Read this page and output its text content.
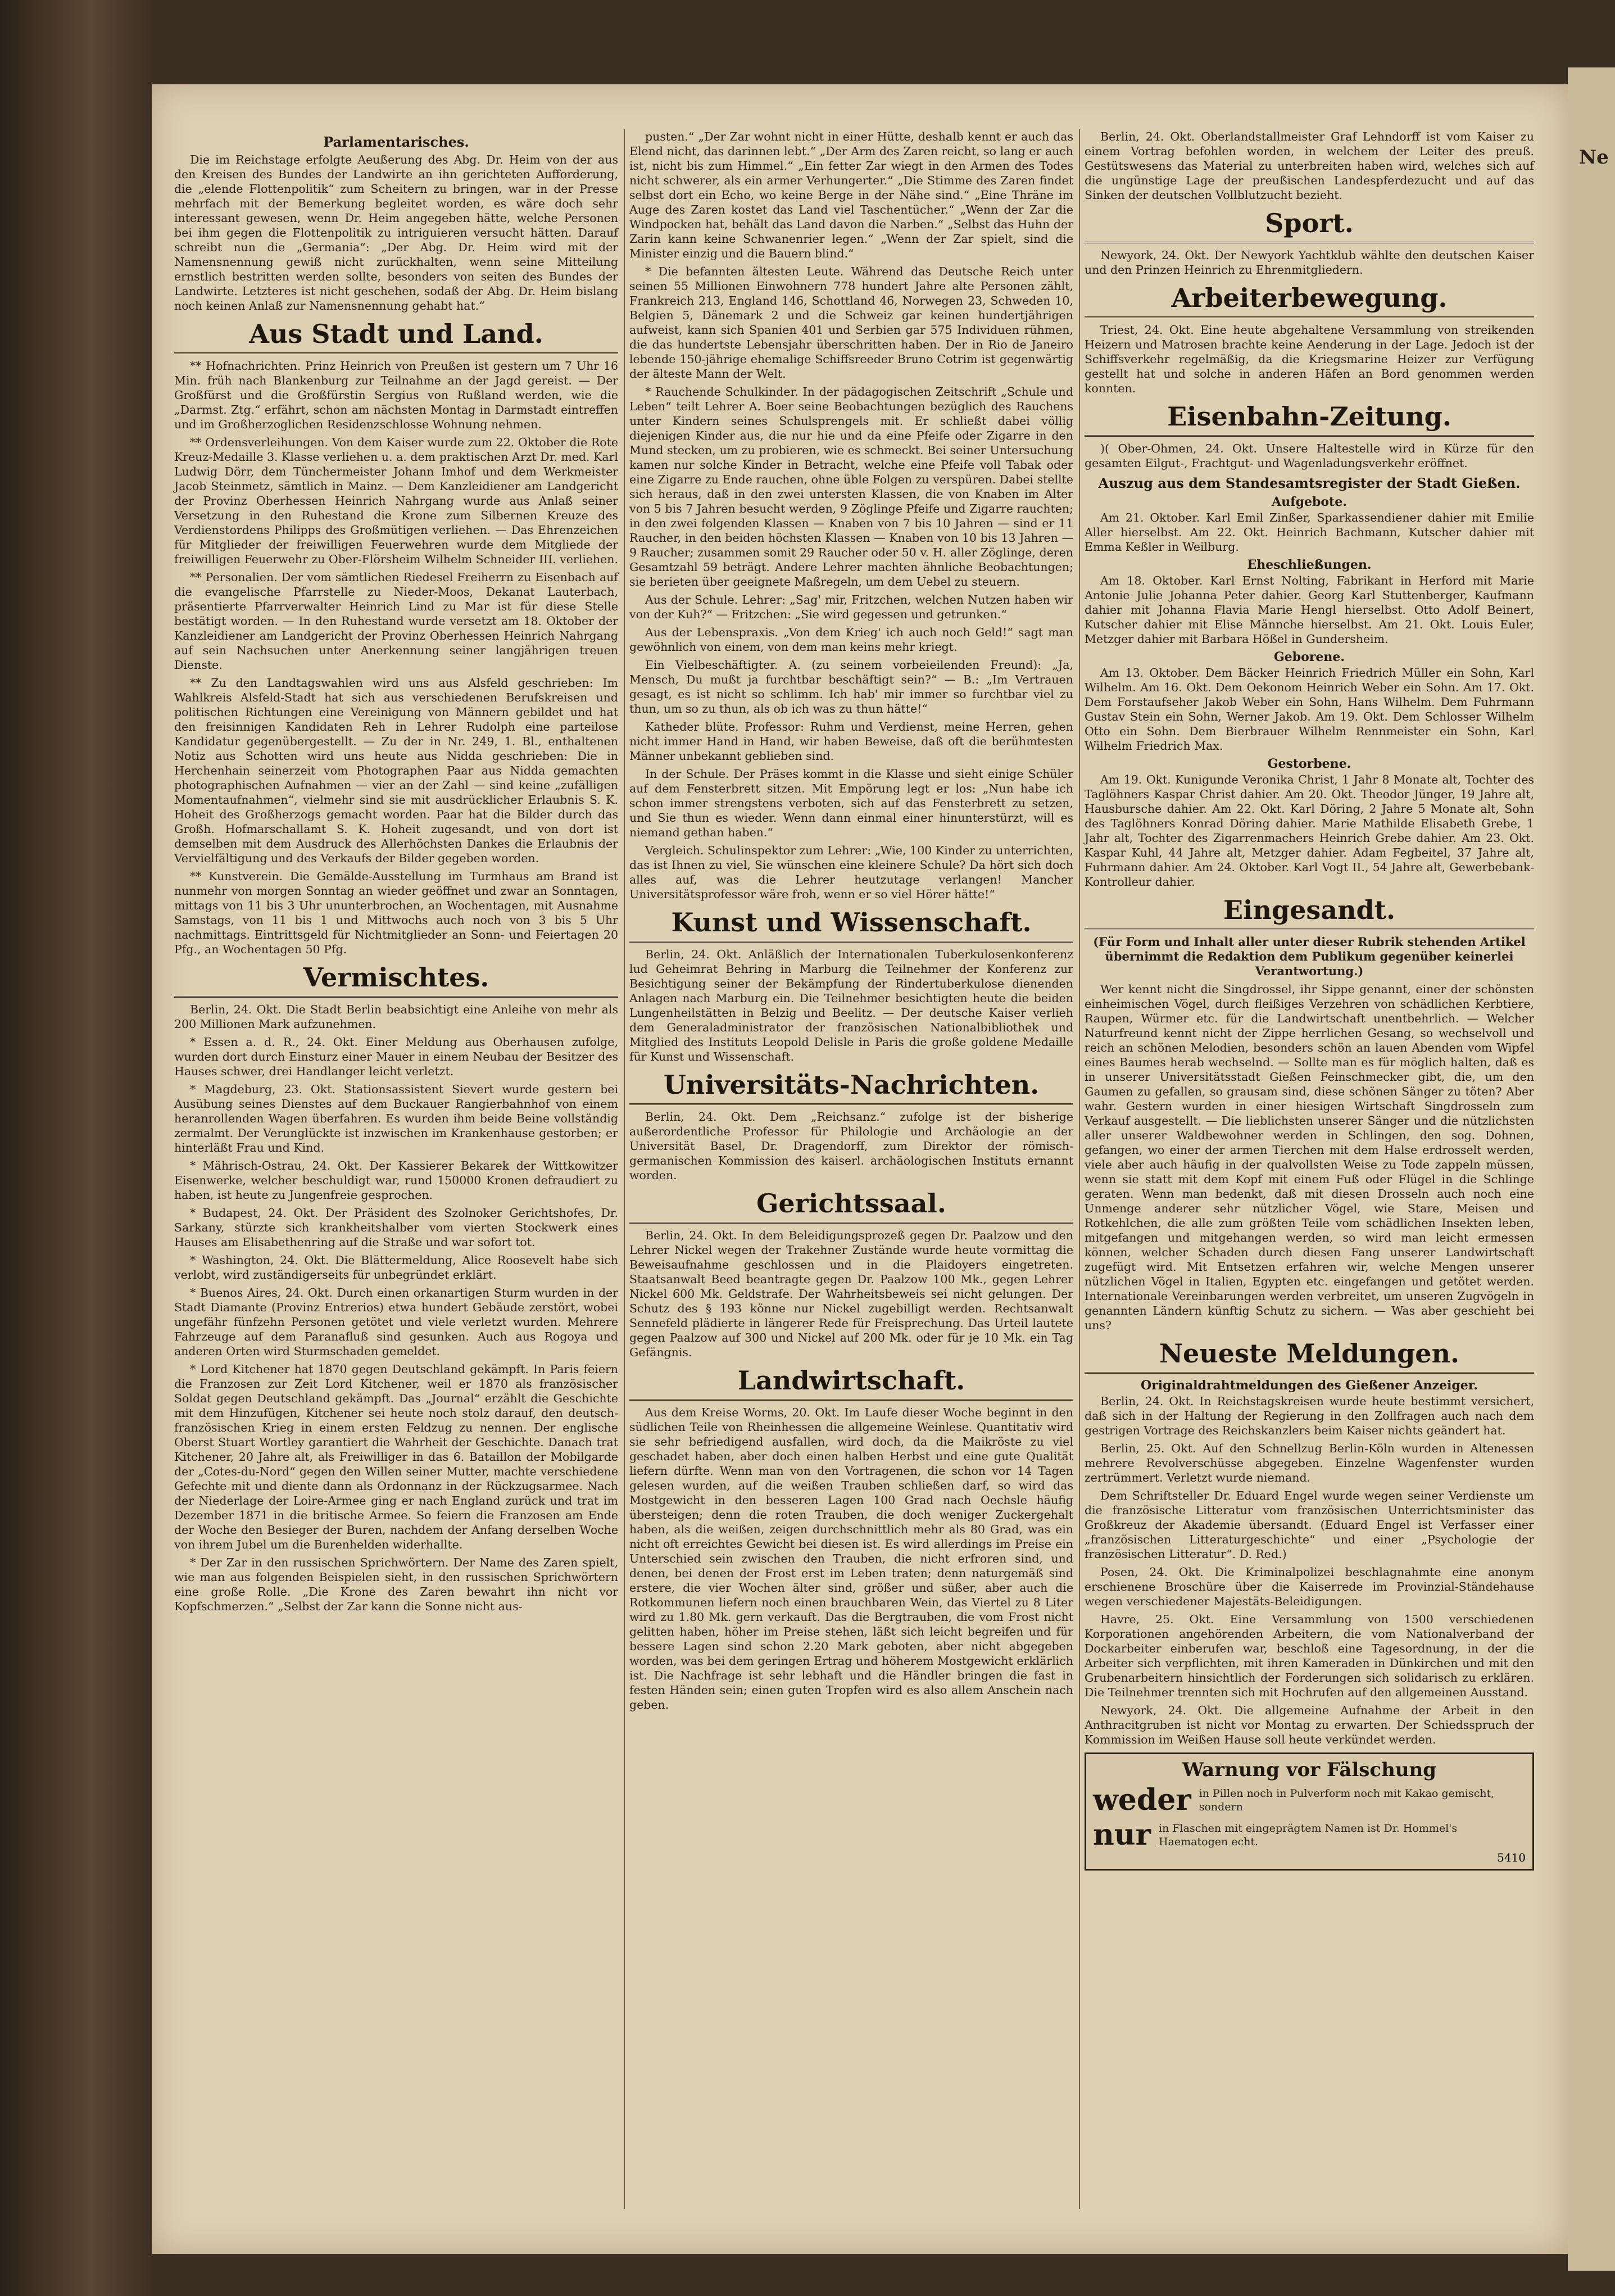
Parlamentarisches.

Die im Reichstage erfolgte Aeußerung des Abg. Dr. Heim von der aus den Kreisen des Bundes der Landwirte an ihn gerichteten Aufforderung, die „elende Flottenpolitik“ zum Scheitern zu bringen, war in der Presse mehrfach mit der Bemerkung begleitet worden, es wäre doch sehr interessant gewesen, wenn Dr. Heim angegeben hätte, welche Personen bei ihm gegen die Flottenpolitik zu intriguieren versucht hätten. Darauf schreibt nun die „Germania“: „Der Abg. Dr. Heim wird mit der Namensnennung gewiß nicht zurückhalten, wenn seine Mitteilung ernstlich bestritten werden sollte, besonders von seiten des Bundes der Landwirte. Letzteres ist nicht geschehen, sodaß der Abg. Dr. Heim bislang noch keinen Anlaß zur Namensnennung gehabt hat.“

Aus Stadt und Land.

** Hofnachrichten. Prinz Heinrich von Preußen ist gestern um 7 Uhr 16 Min. früh nach Blankenburg zur Teilnahme an der Jagd gereist. — Der Großfürst und die Großfürstin Sergius von Rußland werden, wie die „Darmst. Ztg.“ erfährt, schon am nächsten Montag in Darmstadt eintreffen und im Großherzoglichen Residenzschlosse Wohnung nehmen.

** Ordensverleihungen. Von dem Kaiser wurde zum 22. Oktober die Rote Kreuz-Medaille 3. Klasse verliehen u. a. dem praktischen Arzt Dr. med. Karl Ludwig Dörr, dem Tünchermeister Johann Imhof und dem Werkmeister Jacob Steinmetz, sämtlich in Mainz. — Dem Kanzleidiener am Landgericht der Provinz Oberhessen Heinrich Nahrgang wurde aus Anlaß seiner Versetzung in den Ruhestand die Krone zum Silbernen Kreuze des Verdienstordens Philipps des Großmütigen verliehen. — Das Ehrenzeichen für Mitglieder der freiwilligen Feuerwehren wurde dem Mitgliede der freiwilligen Feuerwehr zu Ober-Flörsheim Wilhelm Schneider III. verliehen.

** Personalien. Der vom sämtlichen Riedesel Freiherrn zu Eisenbach auf die evangelische Pfarrstelle zu Nieder-Moos, Dekanat Lauterbach, präsentierte Pfarrverwalter Heinrich Lind zu Mar ist für diese Stelle bestätigt worden. — In den Ruhestand wurde versetzt am 18. Oktober der Kanzleidiener am Landgericht der Provinz Oberhessen Heinrich Nahrgang auf sein Nachsuchen unter Anerkennung seiner langjährigen treuen Dienste.

** Zu den Landtagswahlen wird uns aus Alsfeld geschrieben: Im Wahlkreis Alsfeld-Stadt hat sich aus verschiedenen Berufskreisen und politischen Richtungen eine Vereinigung von Männern gebildet und hat den freisinnigen Kandidaten Reh in Lehrer Rudolph eine parteilose Kandidatur gegenübergestellt. — Zu der in Nr. 249, 1. Bl., enthaltenen Notiz aus Schotten wird uns heute aus Nidda geschrieben: Die in Herchenhain seinerzeit vom Photographen Paar aus Nidda gemachten photographischen Aufnahmen — vier an der Zahl — sind keine „zufälligen Momentaufnahmen“, vielmehr sind sie mit ausdrücklicher Erlaubnis S. K. Hoheit des Großherzogs gemacht worden. Paar hat die Bilder durch das Großh. Hofmarschallamt S. K. Hoheit zugesandt, und von dort ist demselben mit dem Ausdruck des Allerhöchsten Dankes die Erlaubnis der Vervielfältigung und des Verkaufs der Bilder gegeben worden.

** Kunstverein. Die Gemälde-Ausstellung im Turmhaus am Brand ist nunmehr von morgen Sonntag an wieder geöffnet und zwar an Sonntagen, mittags von 11 bis 3 Uhr ununterbrochen, an Wochentagen, mit Ausnahme Samstags, von 11 bis 1 und Mittwochs auch noch von 3 bis 5 Uhr nachmittags. Eintrittsgeld für Nichtmitglieder an Sonn- und Feiertagen 20 Pfg., an Wochentagen 50 Pfg.

Vermischtes.

Berlin, 24. Okt. Die Stadt Berlin beabsichtigt eine Anleihe von mehr als 200 Millionen Mark aufzunehmen.

* Essen a. d. R., 24. Okt. Einer Meldung aus Oberhausen zufolge, wurden dort durch Einsturz einer Mauer in einem Neubau der Besitzer des Hauses schwer, drei Handlanger leicht verletzt.

* Magdeburg, 23. Okt. Stationsassistent Sievert wurde gestern bei Ausübung seines Dienstes auf dem Buckauer Rangierbahnhof von einem heranrollenden Wagen überfahren. Es wurden ihm beide Beine vollständig zermalmt. Der Verunglückte ist inzwischen im Krankenhause gestorben; er hinterläßt Frau und Kind.

* Mährisch-Ostrau, 24. Okt. Der Kassierer Bekarek der Wittkowitzer Eisenwerke, welcher beschuldigt war, rund 150000 Kronen defraudiert zu haben, ist heute zu Jungenfreie gesprochen.

* Budapest, 24. Okt. Der Präsident des Szolnoker Gerichtshofes, Dr. Sarkany, stürzte sich krankheitshalber vom vierten Stockwerk eines Hauses am Elisabethenring auf die Straße und war sofort tot.

* Washington, 24. Okt. Die Blättermeldung, Alice Roosevelt habe sich verlobt, wird zuständigerseits für unbegründet erklärt.

* Buenos Aires, 24. Okt. Durch einen orkanartigen Sturm wurden in der Stadt Diamante (Provinz Entrerios) etwa hundert Gebäude zerstört, wobei ungefähr fünfzehn Personen getötet und viele verletzt wurden. Mehrere Fahrzeuge auf dem Paranafluß sind gesunken. Auch aus Rogoya und anderen Orten wird Sturmschaden gemeldet.

* Lord Kitchener hat 1870 gegen Deutschland gekämpft. In Paris feiern die Franzosen zur Zeit Lord Kitchener, weil er 1870 als französischer Soldat gegen Deutschland gekämpft. Das „Journal“ erzählt die Geschichte mit dem Hinzufügen, Kitchener sei heute noch stolz darauf, den deutsch-französischen Krieg in einem ersten Feldzug zu nennen. Der englische Oberst Stuart Wortley garantiert die Wahrheit der Geschichte. Danach trat Kitchener, 20 Jahre alt, als Freiwilliger in das 6. Bataillon der Mobilgarde der „Cotes-du-Nord“ gegen den Willen seiner Mutter, machte verschiedene Gefechte mit und diente dann als Ordonnanz in der Rückzugsarmee. Nach der Niederlage der Loire-Armee ging er nach England zurück und trat im Dezember 1871 in die britische Armee. So feiern die Franzosen am Ende der Woche den Besieger der Buren, nachdem der Anfang derselben Woche von ihrem Jubel um die Burenhelden widerhallte.

* Der Zar in den russischen Sprichwörtern. Der Name des Zaren spielt, wie man aus folgenden Beispielen sieht, in den russischen Sprichwörtern eine große Rolle. „Die Krone des Zaren bewahrt ihn nicht vor Kopfschmerzen.“ „Selbst der Zar kann die Sonne nicht aus-

pusten.“ „Der Zar wohnt nicht in einer Hütte, deshalb kennt er auch das Elend nicht, das darinnen lebt.“ „Der Arm des Zaren reicht, so lang er auch ist, nicht bis zum Himmel.“ „Ein fetter Zar wiegt in den Armen des Todes nicht schwerer, als ein armer Verhungerter.“ „Die Stimme des Zaren findet selbst dort ein Echo, wo keine Berge in der Nähe sind.“ „Eine Thräne im Auge des Zaren kostet das Land viel Taschentücher.“ „Wenn der Zar die Windpocken hat, behält das Land davon die Narben.“ „Selbst das Huhn der Zarin kann keine Schwanenrier legen.“ „Wenn der Zar spielt, sind die Minister einzig und die Bauern blind.“

* Die befannten ältesten Leute. Während das Deutsche Reich unter seinen 55 Millionen Einwohnern 778 hundert Jahre alte Personen zählt, Frankreich 213, England 146, Schottland 46, Norwegen 23, Schweden 10, Belgien 5, Dänemark 2 und die Schweiz gar keinen hundertjährigen aufweist, kann sich Spanien 401 und Serbien gar 575 Individuen rühmen, die das hundertste Lebensjahr überschritten haben. Der in Rio de Janeiro lebende 150-jährige ehemalige Schiffsreeder Bruno Cotrim ist gegenwärtig der älteste Mann der Welt.

* Rauchende Schulkinder. In der pädagogischen Zeitschrift „Schule und Leben“ teilt Lehrer A. Boer seine Beobachtungen bezüglich des Rauchens unter Kindern seines Schulsprengels mit. Er schließt dabei völlig diejenigen Kinder aus, die nur hie und da eine Pfeife oder Zigarre in den Mund stecken, um zu probieren, wie es schmeckt. Bei seiner Untersuchung kamen nur solche Kinder in Betracht, welche eine Pfeife voll Tabak oder eine Zigarre zu Ende rauchen, ohne üble Folgen zu verspüren. Dabei stellte sich heraus, daß in den zwei untersten Klassen, die von Knaben im Alter von 5 bis 7 Jahren besucht werden, 9 Zöglinge Pfeife und Zigarre rauchten; in den zwei folgenden Klassen — Knaben von 7 bis 10 Jahren — sind er 11 Raucher, in den beiden höchsten Klassen — Knaben von 10 bis 13 Jahren — 9 Raucher; zusammen somit 29 Raucher oder 50 v. H. aller Zöglinge, deren Gesamtzahl 59 beträgt. Andere Lehrer machten ähnliche Beobachtungen; sie berieten über geeignete Maßregeln, um dem Uebel zu steuern.

Aus der Schule. Lehrer: „Sag' mir, Fritzchen, welchen Nutzen haben wir von der Kuh?“ — Fritzchen: „Sie wird gegessen und getrunken.“

Aus der Lebenspraxis. „Von dem Krieg' ich auch noch Geld!“ sagt man gewöhnlich von einem, von dem man keins mehr kriegt.

Ein Vielbeschäftigter. A. (zu seinem vorbeieilenden Freund): „Ja, Mensch, Du mußt ja furchtbar beschäftigt sein?“ — B.: „Im Vertrauen gesagt, es ist nicht so schlimm. Ich hab' mir immer so furchtbar viel zu thun, um so zu thun, als ob ich was zu thun hätte!“

Katheder blüte. Professor: Ruhm und Verdienst, meine Herren, gehen nicht immer Hand in Hand, wir haben Beweise, daß oft die berühmtesten Männer unbekannt geblieben sind.

In der Schule. Der Präses kommt in die Klasse und sieht einige Schüler auf dem Fensterbrett sitzen. Mit Empörung legt er los: „Nun habe ich schon immer strengstens verboten, sich auf das Fensterbrett zu setzen, und Sie thun es wieder. Wenn dann einmal einer hinunterstürzt, will es niemand gethan haben.“

Vergleich. Schulinspektor zum Lehrer: „Wie, 100 Kinder zu unterrichten, das ist Ihnen zu viel, Sie wünschen eine kleinere Schule? Da hört sich doch alles auf, was die Lehrer heutzutage verlangen! Mancher Universitätsprofessor wäre froh, wenn er so viel Hörer hätte!“

Kunst und Wissenschaft.

Berlin, 24. Okt. Anläßlich der Internationalen Tuberkulosenkonferenz lud Geheimrat Behring in Marburg die Teilnehmer der Konferenz zur Besichtigung seiner der Bekämpfung der Rindertuberkulose dienenden Anlagen nach Marburg ein. Die Teilnehmer besichtigten heute die beiden Lungenheilstätten in Belzig und Beelitz. — Der deutsche Kaiser verlieh dem Generaladministrator der französischen Nationalbibliothek und Mitglied des Instituts Leopold Delisle in Paris die große goldene Medaille für Kunst und Wissenschaft.

Universitäts-Nachrichten.

Berlin, 24. Okt. Dem „Reichsanz.“ zufolge ist der bisherige außerordentliche Professor für Philologie und Archäologie an der Universität Basel, Dr. Dragendorff, zum Direktor der römisch-germanischen Kommission des kaiserl. archäologischen Instituts ernannt worden.

Gerichtssaal.

Berlin, 24. Okt. In dem Beleidigungsprozeß gegen Dr. Paalzow und den Lehrer Nickel wegen der Trakehner Zustände wurde heute vormittag die Beweisaufnahme geschlossen und in die Plaidoyers eingetreten. Staatsanwalt Beed beantragte gegen Dr. Paalzow 100 Mk., gegen Lehrer Nickel 600 Mk. Geldstrafe. Der Wahrheitsbeweis sei nicht gelungen. Der Schutz des § 193 könne nur Nickel zugebilligt werden. Rechtsanwalt Sennefeld plädierte in längerer Rede für Freisprechung. Das Urteil lautete gegen Paalzow auf 300 und Nickel auf 200 Mk. oder für je 10 Mk. ein Tag Gefängnis.

Landwirtschaft.

Aus dem Kreise Worms, 20. Okt. Im Laufe dieser Woche beginnt in den südlichen Teile von Rheinhessen die allgemeine Weinlese. Quantitativ wird sie sehr befriedigend ausfallen, wird doch, da die Maikröste zu viel geschadet haben, aber doch einen halben Herbst und eine gute Qualität liefern dürfte. Wenn man von den Vortragenen, die schon vor 14 Tagen gelesen wurden, auf die weißen Trauben schließen darf, so wird das Mostgewicht in den besseren Lagen 100 Grad nach Oechsle häufig übersteigen; denn die roten Trauben, die doch weniger Zuckergehalt haben, als die weißen, zeigen durchschnittlich mehr als 80 Grad, was ein nicht oft erreichtes Gewicht bei diesen ist. Es wird allerdings im Preise ein Unterschied sein zwischen den Trauben, die nicht erfroren sind, und denen, bei denen der Frost erst im Leben traten; denn naturgemäß sind erstere, die vier Wochen älter sind, größer und süßer, aber auch die Rotkommunen liefern noch einen brauchbaren Wein, das Viertel zu 8 Liter wird zu 1.80 Mk. gern verkauft. Das die Bergtrauben, die vom Frost nicht gelitten haben, höher im Preise stehen, läßt sich leicht begreifen und für bessere Lagen sind schon 2.20 Mark geboten, aber nicht abgegeben worden, was bei dem geringen Ertrag und höherem Mostgewicht erklärlich ist. Die Nachfrage ist sehr lebhaft und die Händler bringen die fast in festen Händen sein; einen guten Tropfen wird es also allem Anschein nach geben.

Berlin, 24. Okt. Oberlandstallmeister Graf Lehndorff ist vom Kaiser zu einem Vortrag befohlen worden, in welchem der Leiter des preuß. Gestütswesens das Material zu unterbreiten haben wird, welches sich auf die ungünstige Lage der preußischen Landespferdezucht und auf das Sinken der deutschen Vollblutzucht bezieht.

Sport.

Newyork, 24. Okt. Der Newyork Yachtklub wählte den deutschen Kaiser und den Prinzen Heinrich zu Ehrenmitgliedern.

Arbeiterbewegung.

Triest, 24. Okt. Eine heute abgehaltene Versammlung von streikenden Heizern und Matrosen brachte keine Aenderung in der Lage. Jedoch ist der Schiffsverkehr regelmäßig, da die Kriegsmarine Heizer zur Verfügung gestellt hat und solche in anderen Häfen an Bord genommen werden konnten.

Eisenbahn-Zeitung.

)( Ober-Ohmen, 24. Okt. Unsere Haltestelle wird in Kürze für den gesamten Eilgut-, Frachtgut- und Wagenladungsverkehr eröffnet.

Auszug aus dem Standesamtsregister der Stadt Gießen.
Aufgebote.

Am 21. Oktober. Karl Emil Zinßer, Sparkassendiener dahier mit Emilie Aller hierselbst. Am 22. Okt. Heinrich Bachmann, Kutscher dahier mit Emma Keßler in Weilburg.

Eheschließungen.

Am 18. Oktober. Karl Ernst Nolting, Fabrikant in Herford mit Marie Antonie Julie Johanna Peter dahier. Georg Karl Stuttenberger, Kaufmann dahier mit Johanna Flavia Marie Hengl hierselbst. Otto Adolf Beinert, Kutscher dahier mit Elise Männche hierselbst. Am 21. Okt. Louis Euler, Metzger dahier mit Barbara Hößel in Gundersheim.

Geborene.

Am 13. Oktober. Dem Bäcker Heinrich Friedrich Müller ein Sohn, Karl Wilhelm. Am 16. Okt. Dem Oekonom Heinrich Weber ein Sohn. Am 17. Okt. Dem Forstaufseher Jakob Weber ein Sohn, Hans Wilhelm. Dem Fuhrmann Gustav Stein ein Sohn, Werner Jakob. Am 19. Okt. Dem Schlosser Wilhelm Otto ein Sohn. Dem Bierbrauer Wilhelm Rennmeister ein Sohn, Karl Wilhelm Friedrich Max.

Gestorbene.

Am 19. Okt. Kunigunde Veronika Christ, 1 Jahr 8 Monate alt, Tochter des Taglöhners Kaspar Christ dahier. Am 20. Okt. Theodor Jünger, 19 Jahre alt, Hausbursche dahier. Am 22. Okt. Karl Döring, 2 Jahre 5 Monate alt, Sohn des Taglöhners Konrad Döring dahier. Marie Mathilde Elisabeth Grebe, 1 Jahr alt, Tochter des Zigarrenmachers Heinrich Grebe dahier. Am 23. Okt. Kaspar Kuhl, 44 Jahre alt, Metzger dahier. Adam Fegbeitel, 37 Jahre alt, Fuhrmann dahier. Am 24. Oktober. Karl Vogt II., 54 Jahre alt, Gewerbebank-Kontrolleur dahier.

Eingesandt.

(Für Form und Inhalt aller unter dieser Rubrik stehenden Artikel übernimmt die Redaktion dem Publikum gegenüber keinerlei Verantwortung.)

Wer kennt nicht die Singdrossel, ihr Sippe genannt, einer der schönsten einheimischen Vögel, durch fleißiges Verzehren von schädlichen Kerbtiere, Raupen, Würmer etc. für die Landwirtschaft unentbehrlich. — Welcher Naturfreund kennt nicht der Zippe herrlichen Gesang, so wechselvoll und reich an schönen Melodien, besonders schön an lauen Abenden vom Wipfel eines Baumes herab wechselnd. — Sollte man es für möglich halten, daß es in unserer Universitätsstadt Gießen Feinschmecker gibt, die, um den Gaumen zu gefallen, so grausam sind, diese schönen Sänger zu töten? Aber wahr. Gestern wurden in einer hiesigen Wirtschaft Singdrosseln zum Verkauf ausgestellt. — Die lieblichsten unserer Sänger und die nützlichsten aller unserer Waldbewohner werden in Schlingen, den sog. Dohnen, gefangen, wo einer der armen Tierchen mit dem Halse erdrosselt werden, viele aber auch häufig in der qualvollsten Weise zu Tode zappeln müssen, wenn sie statt mit dem Kopf mit einem Fuß oder Flügel in die Schlinge geraten. Wenn man bedenkt, daß mit diesen Drosseln auch noch eine Unmenge anderer sehr nützlicher Vögel, wie Stare, Meisen und Rotkehlchen, die alle zum größten Teile vom schädlichen Insekten leben, mitgefangen und mitgehangen werden, so wird man leicht ermessen können, welcher Schaden durch diesen Fang unserer Landwirtschaft zugefügt wird. Mit Entsetzen erfahren wir, welche Mengen unserer nützlichen Vögel in Italien, Egypten etc. eingefangen und getötet werden. Internationale Vereinbarungen werden verbreitet, um unseren Zugvögeln in genannten Ländern künftig Schutz zu sichern. — Was aber geschieht bei uns?

Neueste Meldungen.
Originaldrahtmeldungen des Gießener Anzeiger.

Berlin, 24. Okt. In Reichstagskreisen wurde heute bestimmt versichert, daß sich in der Haltung der Regierung in den Zollfragen auch nach dem gestrigen Vortrage des Reichskanzlers beim Kaiser nichts geändert hat.

Berlin, 25. Okt. Auf den Schnellzug Berlin-Köln wurden in Altenessen mehrere Revolverschüsse abgegeben. Einzelne Wagenfenster wurden zertrümmert. Verletzt wurde niemand.

Dem Schriftsteller Dr. Eduard Engel wurde wegen seiner Verdienste um die französische Litteratur vom französischen Unterrichtsminister das Großkreuz der Akademie übersandt. (Eduard Engel ist Verfasser einer „französischen Litteraturgeschichte“ und einer „Psychologie der französischen Litteratur“. D. Red.)

Posen, 24. Okt. Die Kriminalpolizei beschlagnahmte eine anonym erschienene Broschüre über die Kaiserrede im Provinzial-Ständehause wegen verschiedener Majestäts-Beleidigungen.

Havre, 25. Okt. Eine Versammlung von 1500 verschiedenen Korporationen angehörenden Arbeitern, die vom Nationalverband der Dockarbeiter einberufen war, beschloß eine Tagesordnung, in der die Arbeiter sich verpflichten, mit ihren Kameraden in Dünkirchen und mit den Grubenarbeitern hinsichtlich der Forderungen sich solidarisch zu erklären. Die Teilnehmer trennten sich mit Hochrufen auf den allgemeinen Ausstand.

Newyork, 24. Okt. Die allgemeine Aufnahme der Arbeit in den Anthracitgruben ist nicht vor Montag zu erwarten. Der Schiedsspruch der Kommission im Weißen Hause soll heute verkündet werden.

Warnung vor Fälschung
weder in Pillen noch in Pulverform noch mit Kakao gemischt, sondern
nur in Flaschen mit eingeprägtem Namen ist Dr. Hommel's Haematogen echt.
5410
Ne
